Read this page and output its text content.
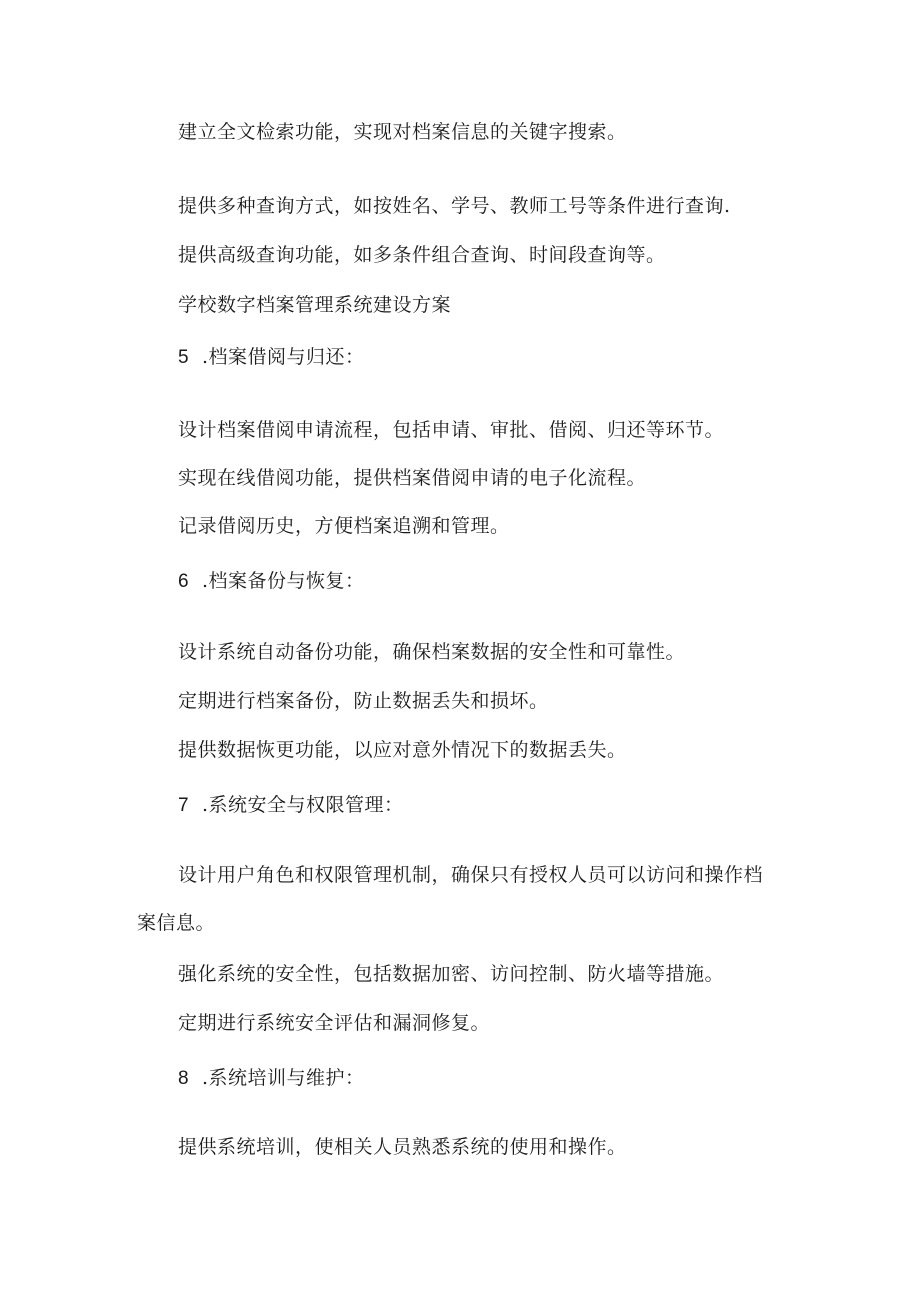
建立全文检索功能，实现对档案信息的关键字搜索。
提供多种查询方式，如按姓名、学号、教师工号等条件进行查询.
提供高级查询功能，如多条件组合查询、时间段查询等。
学校数字档案管理系统建设方案
5 .档案借阅与归还：
设计档案借阅申请流程，包括申请、审批、借阅、归还等环节。
实现在线借阅功能，提供档案借阅申请的电子化流程。
记录借阅历史，方便档案追溯和管理。
6 .档案备份与恢复：
设计系统自动备份功能，确保档案数据的安全性和可靠性。
定期进行档案备份，防止数据丢失和损坏。
提供数据恢更功能，以应对意外情况下的数据丢失。
7 .系统安全与权限管理：
设计用户角色和权限管理机制，确保只有授权人员可以访问和操作档
案信息。
强化系统的安全性，包括数据加密、访问控制、防火墙等措施。
定期进行系统安全评估和漏洞修复。
8 .系统培训与维护：
提供系统培训，使相关人员熟悉系统的使用和操作。
